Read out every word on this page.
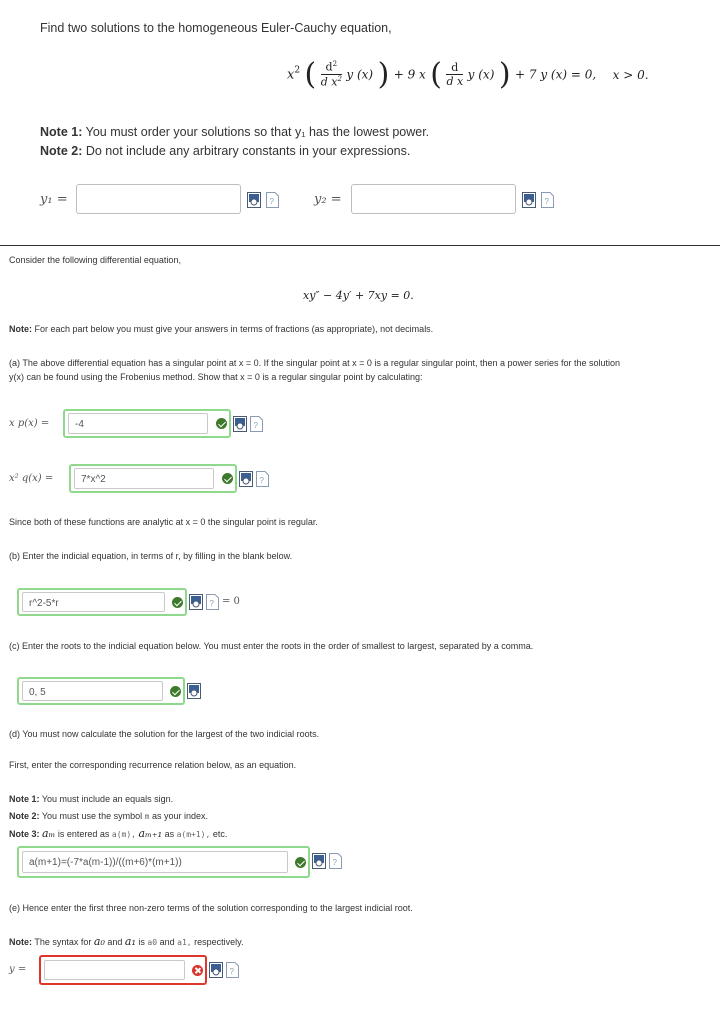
Find two solutions to the homogeneous Euler-Cauchy equation,
$x^2$ ( $\frac{d^2}{d x^2}$ y (x) ) + 9 x ( $\frac{d}{\text{d x}}$ y (x) ) + 7 y (x) = 0, x > 0.
Note 1: You must order your solutions so that y₁ has the lowest power.
Note 2: Do not include any arbitrary constants in your expressions.
y₁ =	?	y₂ =	?
Consider the following differential equation,
xy″ − 4y′ + 7xy = 0.
Note: For each part below you must give your answers in terms of fractions (as appropriate), not decimals.
(a) The above differential equation has a singular point at x = 0. If the singular point at x = 0 is a regular singular point, then a power series for the solution
y(x) can be found using the Frobenius method. Show that x = 0 is a regular singular point by calculating:
x p(x) =	-4	?
x² q(x) =	7*x^2	?
Since both of these functions are analytic at x = 0 the singular point is regular.
(b) Enter the indicial equation, in terms of r, by filling in the blank below.
r^2-5*r	? = 0
(c) Enter the roots to the indicial equation below. You must enter the roots in the order of smallest to largest, separated by a comma.
0, 5
(d) You must now calculate the solution for the largest of the two indicial roots.
First, enter the corresponding recurrence relation below, as an equation.
Note 1: You must include an equals sign.
Note 2: You must use the symbol m as your index.
Note 3: aₘ is entered as a(m), aₘ₊₁ as a(m+1), etc.
a(m+1)=(-7*a(m-1))/((m+6)*(m+1))	?
(e) Hence enter the first three non-zero terms of the solution corresponding to the largest indicial root.
Note: The syntax for a₀ and a₁ is a0 and a1, respectively.
y =	?
